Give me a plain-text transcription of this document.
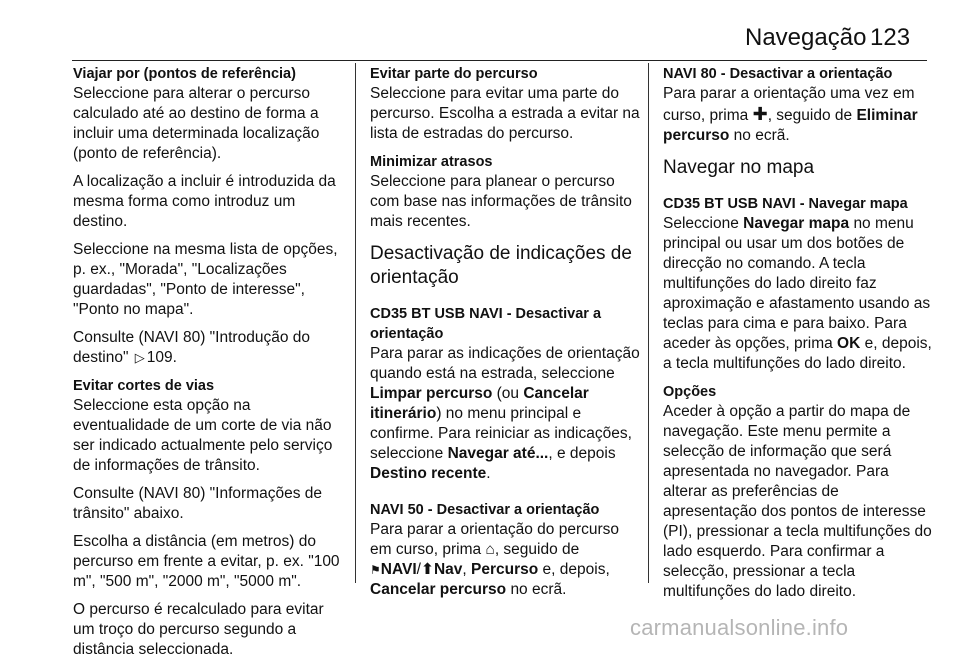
Navegação 123
Viajar por (pontos de referência)
Seleccione para alterar o percurso calculado até ao destino de forma a incluir uma determinada localização (ponto de referência).
A localização a incluir é introduzida da mesma forma como introduz um destino.
Seleccione na mesma lista de opções, p. ex., "Morada", "Localizações guardadas", "Ponto de interesse", "Ponto no mapa".
Consulte (NAVI 80) "Introdução do destino" ▷ 109.
Evitar cortes de vias
Seleccione esta opção na eventualidade de um corte de via não ser indicado actualmente pelo serviço de informações de trânsito.
Consulte (NAVI 80) "Informações de trânsito" abaixo.
Escolha a distância (em metros) do percurso em frente a evitar, p. ex. "100 m", "500 m", "2000 m", "5000 m".
O percurso é recalculado para evitar um troço do percurso segundo a distância seleccionada.
Evitar parte do percurso
Seleccione para evitar uma parte do percurso. Escolha a estrada a evitar na lista de estradas do percurso.
Minimizar atrasos
Seleccione para planear o percurso com base nas informações de trânsito mais recentes.
Desactivação de indicações de orientação
CD35 BT USB NAVI - Desactivar a orientação
Para parar as indicações de orientação quando está na estrada, seleccione Limpar percurso (ou Cancelar itinerário) no menu principal e confirme. Para reiniciar as indicações, seleccione Navegar até..., e depois Destino recente.
NAVI 50 - Desactivar a orientação
Para parar a orientação do percurso em curso, prima ⌂, seguido de
⚑NAVI/⬆Nav, Percurso e, depois, Cancelar percurso no ecrã.
NAVI 80 - Desactivar a orientação
Para parar a orientação uma vez em curso, prima ✚, seguido de Eliminar percurso no ecrã.
Navegar no mapa
CD35 BT USB NAVI - Navegar mapa
Seleccione Navegar mapa no menu principal ou usar um dos botões de direcção no comando. A tecla multifunções do lado direito faz aproximação e afastamento usando as teclas para cima e para baixo. Para aceder às opções, prima OK e, depois, a tecla multifunções do lado direito.
Opções
Aceder à opção a partir do mapa de navegação. Este menu permite a selecção de informação que será apresentada no navegador. Para alterar as preferências de apresentação dos pontos de interesse (PI), pressionar a tecla multifunções do lado esquerdo. Para confirmar a selecção, pressionar a tecla multifunções do lado direito.
carmanualsonline.info
